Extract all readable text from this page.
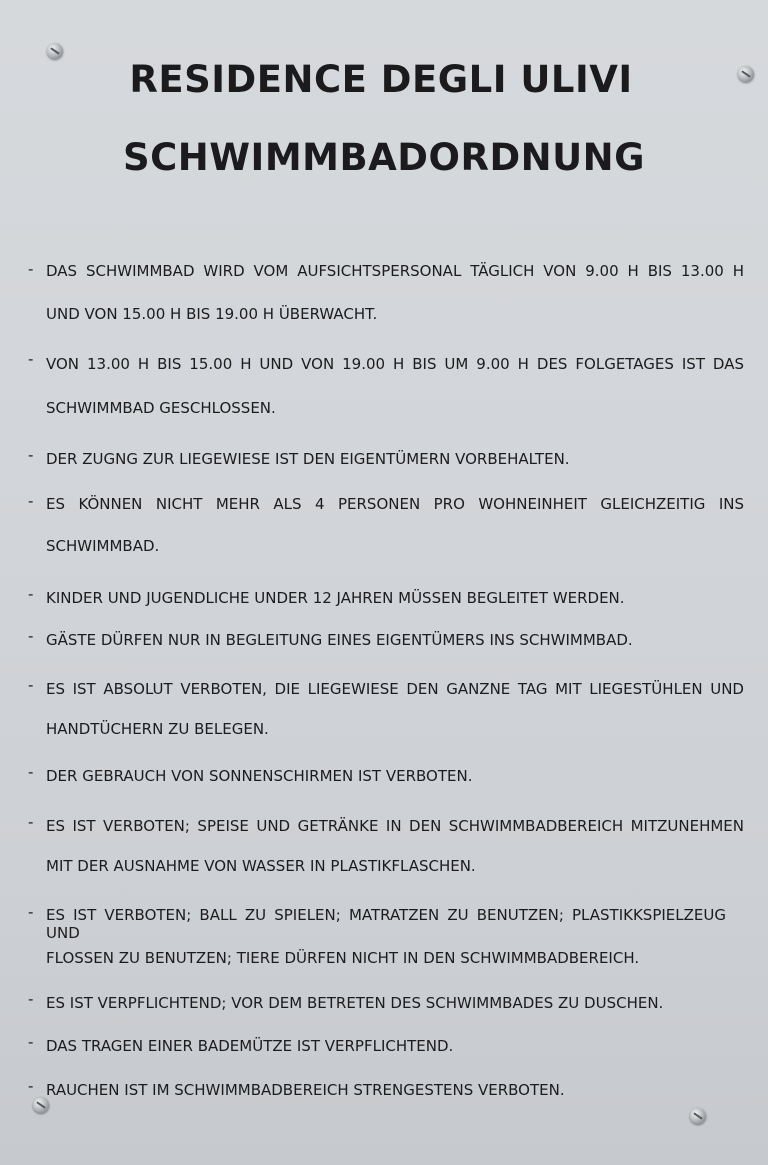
RESIDENCE DEGLI ULIVI
SCHWIMMBADORDNUNG
- DAS SCHWIMMBAD WIRD VOM AUFSICHTSPERSONAL TÄGLICH VON 9.00 H BIS 13.00 H
UND VON 15.00 H BIS 19.00 H ÜBERWACHT.
- VON 13.00 H BIS 15.00 H UND VON 19.00 H BIS UM 9.00 H DES FOLGETAGES IST DAS
SCHWIMMBAD GESCHLOSSEN.
- DER ZUGNG ZUR LIEGEWIESE IST DEN EIGENTÜMERN VORBEHALTEN.
- ES KÖNNEN NICHT MEHR ALS 4 PERSONEN PRO WOHNEINHEIT GLEICHZEITIG INS
SCHWIMMBAD.
- KINDER UND JUGENDLICHE UNDER 12 JAHREN MÜSSEN BEGLEITET WERDEN.
- GÄSTE DÜRFEN NUR IN BEGLEITUNG EINES EIGENTÜMERS INS SCHWIMMBAD.
- ES IST ABSOLUT VERBOTEN, DIE LIEGEWIESE DEN GANZNE TAG MIT LIEGESTÜHLEN UND
HANDTÜCHERN ZU BELEGEN.
- DER GEBRAUCH VON SONNENSCHIRMEN IST VERBOTEN.
- ES IST VERBOTEN; SPEISE UND GETRÄNKE IN DEN SCHWIMMBADBEREICH MITZUNEHMEN
MIT DER AUSNAHME VON WASSER IN PLASTIKFLASCHEN.
- ES IST VERBOTEN; BALL ZU SPIELEN; MATRATZEN ZU BENUTZEN; PLASTIKKSPIELZEUG UND
FLOSSEN ZU BENUTZEN; TIERE DÜRFEN NICHT IN DEN SCHWIMMBADBEREICH.
- ES IST VERPFLICHTEND; VOR DEM BETRETEN DES SCHWIMMBADES ZU DUSCHEN.
- DAS TRAGEN EINER BADEMÜTZE IST VERPFLICHTEND.
- RAUCHEN IST IM SCHWIMMBADBEREICH STRENGESTENS VERBOTEN.
